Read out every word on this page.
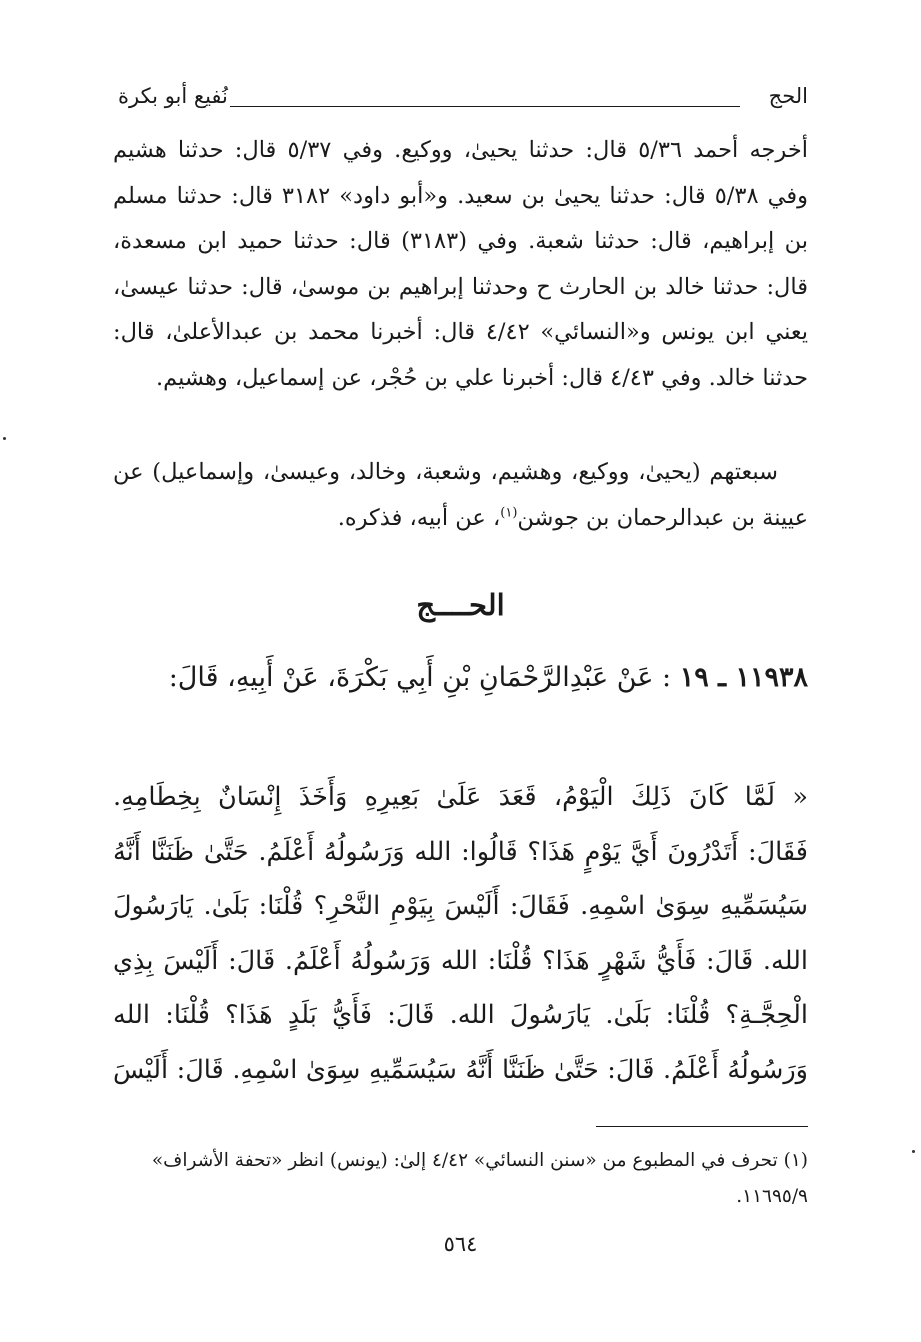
الحج
نُفيع أبو بكرة
أخرجه أحمد ٥/٣٦ قال: حدثنا يحيىٰ، ووكيع. وفي ٥/٣٧ قال: حدثنا هشيم وفي ٥/٣٨ قال: حدثنا يحيىٰ بن سعيد. و«أبو داود» ٣١٨٢ قال: حدثنا مسلم بن إبراهيم، قال: حدثنا شعبة. وفي (٣١٨٣) قال: حدثنا حميد ابن مسعدة، قال: حدثنا خالد بن الحارث ح وحدثنا إبراهيم بن موسىٰ، قال: حدثنا عيسىٰ، يعني ابن يونس و«النسائي» ٤/٤٢ قال: أخبرنا محمد بن عبدالأعلىٰ، قال: حدثنا خالد. وفي ٤/٤٣ قال: أخبرنا علي بن حُجْر، عن إسماعيل، وهشيم.
سبعتهم (يحيىٰ، ووكيع، وهشيم، وشعبة، وخالد، وعيسىٰ، وإسماعيل) عن عيينة بن عبدالرحمان بن جوشن$^{(١)}$، عن أبيه، فذكره.
الحــــج
١١٩٣٨ ـ ١٩ : عَنْ عَبْدِالرَّحْمَانِ بْنِ أَبِي بَكْرَةَ، عَنْ أَبِيهِ، قَالَ:
« لَمَّا كَانَ ذَلِكَ الْيَوْمُ، قَعَدَ عَلَىٰ بَعِيرِهِ وَأَخَذَ إِنْسَانٌ بِخِطَامِهِ.
فَقَالَ: أَتَدْرُونَ أَيَّ يَوْمٍ هَذَا؟ قَالُوا: الله وَرَسُولُهُ أَعْلَمُ. حَتَّىٰ ظَنَنَّا أَنَّهُ
سَيُسَمِّيهِ سِوَىٰ اسْمِهِ. فَقَالَ: أَلَيْسَ بِيَوْمِ النَّحْرِ؟ قُلْنَا: بَلَىٰ. يَارَسُولَ
الله. قَالَ: فَأَيُّ شَهْرٍ هَذَا؟ قُلْنَا: الله وَرَسُولُهُ أَعْلَمُ. قَالَ: أَلَيْسَ بِذِي
الْحِجَّـةِ؟ قُلْنَا: بَلَىٰ. يَارَسُولَ الله. قَالَ: فَأَيُّ بَلَدٍ هَذَا؟ قُلْنَا: الله
وَرَسُولُهُ أَعْلَمُ. قَالَ: حَتَّىٰ ظَنَنَّا أَنَّهُ سَيُسَمِّيهِ سِوَىٰ اسْمِهِ. قَالَ: أَلَيْسَ
(١) تحرف في المطبوع من «سنن النسائي» ٤/٤٢ إلىٰ: (يونس) انظر «تحفة الأشراف» ١١٦٩٥/٩.
٥٦٤
